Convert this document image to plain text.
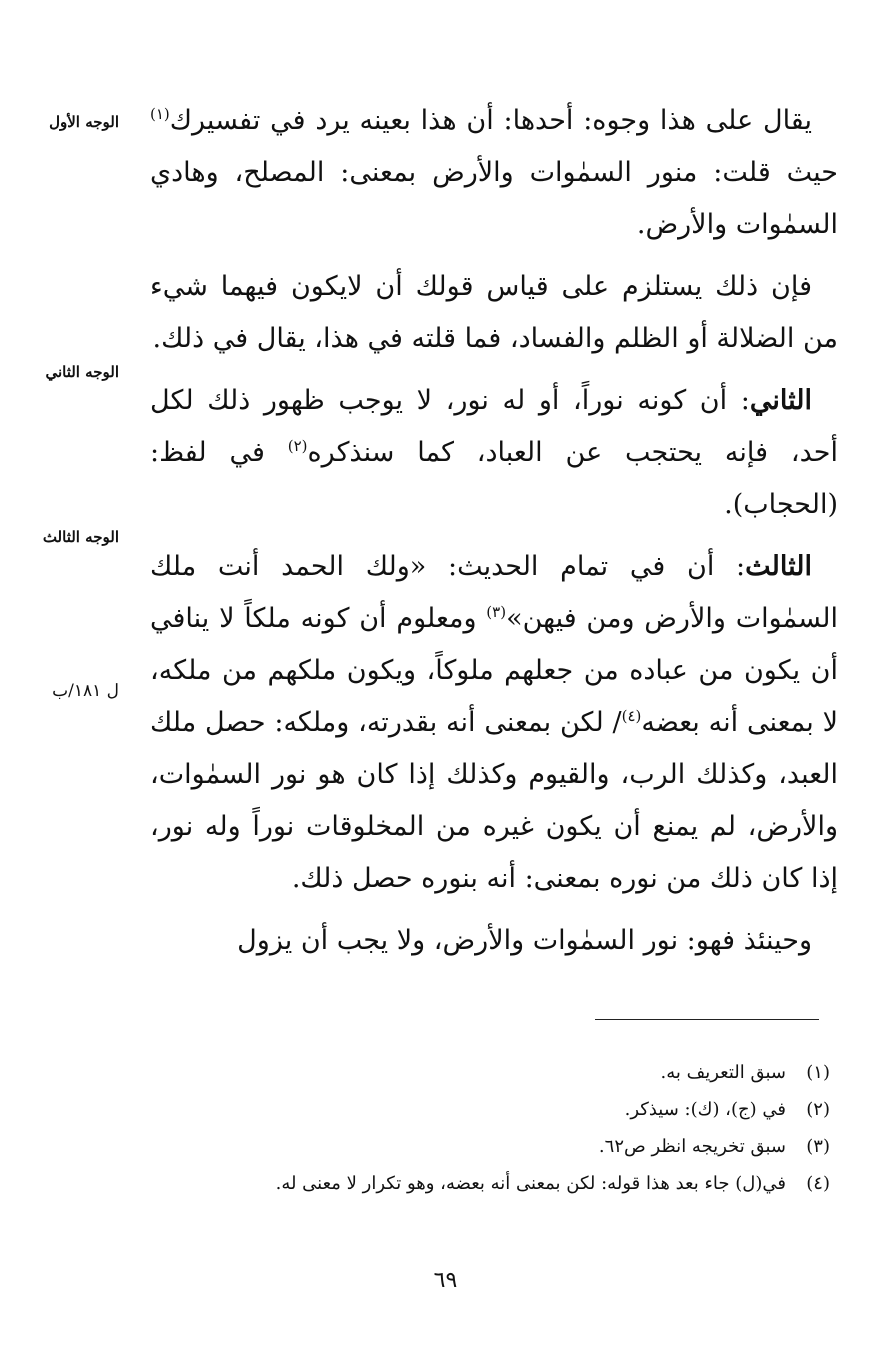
الوجه الأول
الوجه الثاني
الوجه الثالث
ل ١٨١/ب

يقال على هذا وجوه: أحدها: أن هذا بعينه يرد في تفسيرك$^{(١)}$ حيث قلت: منور السمٰوات والأرض بمعنى: المصلح، وهادي السمٰوات والأرض.

فإن ذلك يستلزم على قياس قولك أن لايكون فيهما شيء من الضلالة أو الظلم والفساد، فما قلته في هذا، يقال في ذلك.

الثاني: أن كونه نوراً، أو له نور، لا يوجب ظهور ذلك لكل أحد، فإنه يحتجب عن العباد، كما سنذكره$^{(٢)}$ في لفظ: (الحجاب).

الثالث: أن في تمام الحديث: «ولك الحمد أنت ملك السمٰوات والأرض ومن فيهن»$^{(٣)}$ ومعلوم أن كونه ملكاً لا ينافي أن يكون من عباده من جعلهم ملوكاً، ويكون ملكهم من ملكه، لا بمعنى أنه بعضه$^{(٤)}$/ لكن بمعنى أنه بقدرته، وملكه: حصل ملك العبد، وكذلك الرب، والقيوم وكذلك إذا كان هو نور السمٰوات، والأرض، لم يمنع أن يكون غيره من المخلوقات نوراً وله نور، إذا كان ذلك من نوره بمعنى: أنه بنوره حصل ذلك.

وحينئذ فهو: نور السمٰوات والأرض، ولا يجب أن يزول

(١)سبق التعريف به.
(٢)في (ج)، (ك): سيذكر.
(٣)سبق تخريجه انظر ص٦٢.
(٤)في(ل) جاء بعد هذا قوله: لكن بمعنى أنه بعضه، وهو تكرار لا معنى له.
٦٩
